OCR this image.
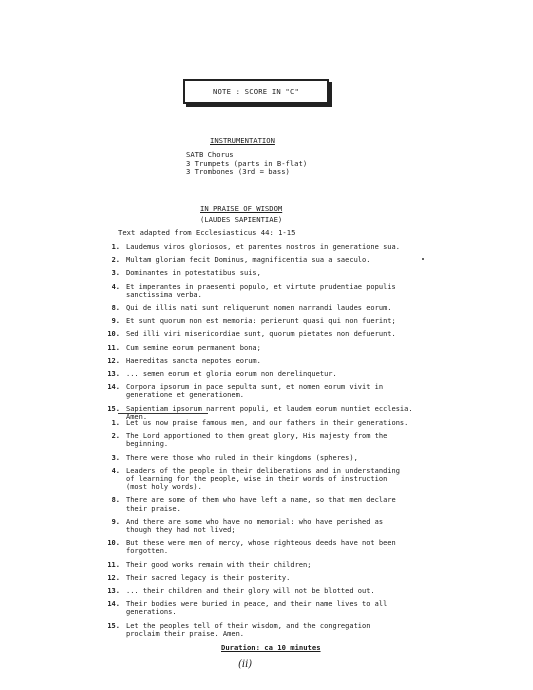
NOTE : SCORE IN "C"
INSTRUMENTATION
SATB Chorus
3 Trumpets (parts in B-flat)
3 Trombones (3rd = bass)
IN PRAISE OF WISDOM
(LAUDES SAPIENTIAE)
Text adapted from Ecclesiasticus 44: 1-15
1. Laudemus viros gloriosos, et parentes nostros in generatione sua.
2. Multam gloriam fecit Dominus, magnificentia sua a saeculo.
3. Dominantes in potestatibus suis,
4. Et imperantes in praesenti populo, et virtute prudentiae populis
sanctissima verba.
8. Qui de illis nati sunt reliquerunt nomen narrandi laudes eorum.
9. Et sunt quorum non est memoria: perierunt quasi qui non fuerint;
10. Sed illi viri misericordiae sunt, quorum pietates non defuerunt.
11. Cum semine eorum permanent bona;
12. Haereditas sancta nepotes eorum.
13. ... semen eorum et gloria eorum non derelinquetur.
14. Corpora ipsorum in pace sepulta sunt, et nomen eorum vivit in
generatione et generationem.
15. Sapientiam ipsorum narrent populi, et laudem eorum nuntiet ecclesia.
Amen.
1. Let us now praise famous men, and our fathers in their generations.
2. The Lord apportioned to them great glory, His majesty from the
beginning.
3. There were those who ruled in their kingdoms (spheres),
4. Leaders of the people in their deliberations and in understanding
of learning for the people, wise in their words of instruction
(most holy words).
8. There are some of them who have left a name, so that men declare
their praise.
9. And there are some who have no memorial: who have perished as
though they had not lived;
10. But these were men of mercy, whose righteous deeds have not been
forgotten.
11. Their good works remain with their children;
12. Their sacred legacy is their posterity.
13. ... their children and their glory will not be blotted out.
14. Their bodies were buried in peace, and their name lives to all
generations.
15. Let the peoples tell of their wisdom, and the congregation
proclaim their praise. Amen.
Duration: ca 10 minutes
(ii)
